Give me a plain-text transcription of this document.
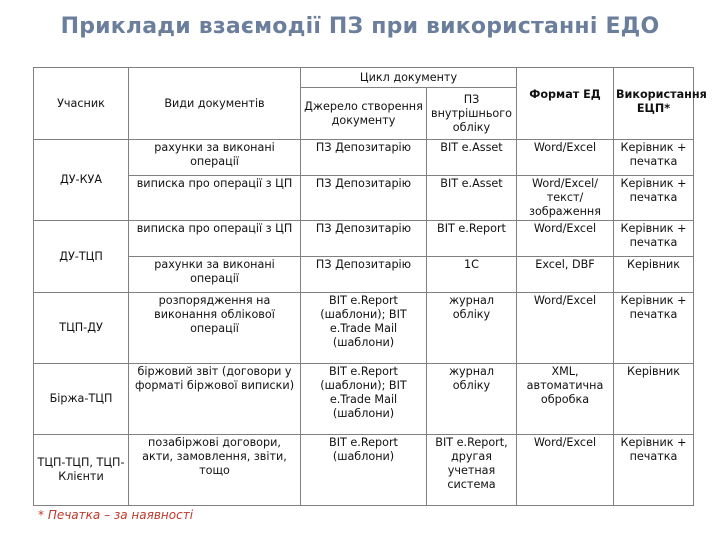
Приклади взаємодії ПЗ при використанні ЕДО
Учасник	Види документів	Цикл документу			
		Джерело створення документу	ПЗ внутрішнього обліку	Формат ЕД	Використання ЕЦП*
ДУ-КУА	рахунки за виконані операції	ПЗ Депозитарію	BIT e.Asset	Word/Excel	Керівник + печатка
	виписка про операції з ЦП	ПЗ Депозитарію	BIT e.Asset	Word/Excel/текст/зображення	Керівник + печатка
ДУ-ТЦП	виписка про операції з ЦП	ПЗ Депозитарію	BIT e.Report	Word/Excel	Керівник + печатка
	рахунки за виконані операції	ПЗ Депозитарію	1С	Excel, DBF	Керівник
ТЦП-ДУ	розпорядження на виконання облікової операції	BIT e.Report (шаблони); BIT e.Trade Mail (шаблони)	журнал обліку	Word/Excel	Керівник + печатка
Біржа-ТЦП	біржовий звіт (договори у форматі біржової виписки)	BIT e.Report (шаблони); BIT e.Trade Mail (шаблони)	журнал обліку	XML, автоматична обробка	Керівник
ТЦП-ТЦП, ТЦП-Клієнти	позабіржові договори, акти, замовлення, звіти, тощо	BIT e.Report (шаблони)	BIT e.Report, другая учетная система	Word/Excel	Керівник + печатка
* Печатка – за наявності
